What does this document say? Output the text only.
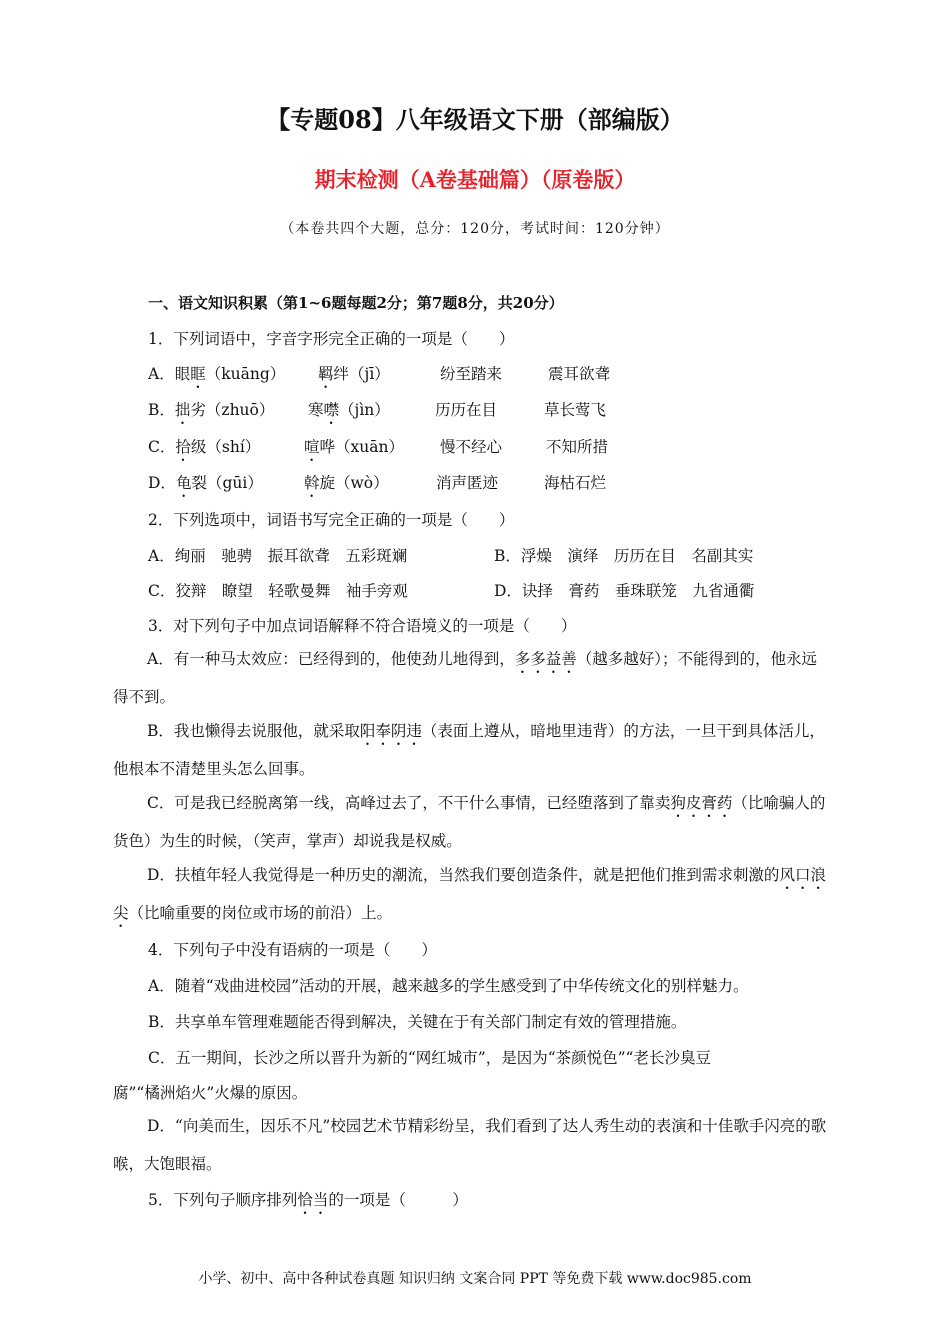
【专题08】八年级语文下册（部编版）
期末检测（A卷基础篇）（原卷版）
（本卷共四个大题，总分：120分，考试时间：120分钟）
一、语文知识积累（第1~6题每题2分；第7题8分，共20分）
1．下列词语中，字音字形完全正确的一项是（　　）
A．眼眶（kuāng） 羁绊（jī）	纷至踏来	震耳欲聋
B．拙劣（zhuō） 寒噤（jìn）	历历在目	草长莺飞
C．拾级（shí）	喧哗（xuān） 慢不经心	不知所措
D．龟裂（gūi）	斡旋（wò）	消声匿迹	海枯石烂
2．下列选项中，词语书写完全正确的一项是（　　）
A．绚丽　驰骋　振耳欲聋　五彩斑斓	B．浮燥　演绎　历历在目　名副其实
C．狡辩　瞭望　轻歌曼舞　袖手旁观	D．诀择　膏药　垂珠联笼　九省通衢
3．对下列句子中加点词语解释不符合语境义的一项是（　　）
A．有一种马太效应：已经得到的，他使劲儿地得到，多多益善（越多越好）；不能得到的，他永远得不到。
B．我也懒得去说服他，就采取阳奉阴违（表面上遵从，暗地里违背）的方法，一旦干到具体活儿，他根本不清楚里头怎么回事。
C．可是我已经脱离第一线，高峰过去了，不干什么事情，已经堕落到了靠卖狗皮膏药（比喻骗人的货色）为生的时候，（笑声，掌声）却说我是权威。
D．扶植年轻人我觉得是一种历史的潮流，当然我们要创造条件，就是把他们推到需求刺激的风口浪尖（比喻重要的岗位或市场的前沿）上。
4．下列句子中没有语病的一项是（　　）
A．随着“戏曲进校园”活动的开展，越来越多的学生感受到了中华传统文化的别样魅力。
B．共享单车管理难题能否得到解决，关键在于有关部门制定有效的管理措施。
C．五一期间，长沙之所以晋升为新的“网红城市”，是因为“茶颜悦色”“老长沙臭豆
腐”“橘洲焰火”火爆的原因。
D．“向美而生，因乐不凡”校园艺术节精彩纷呈，我们看到了达人秀生动的表演和十佳歌手闪亮的歌喉，大饱眼福。
5．下列句子顺序排列恰当的一项是（　　　）
小学、初中、高中各种试卷真题 知识归纳 文案合同 PPT 等免费下载 www.doc985.com
